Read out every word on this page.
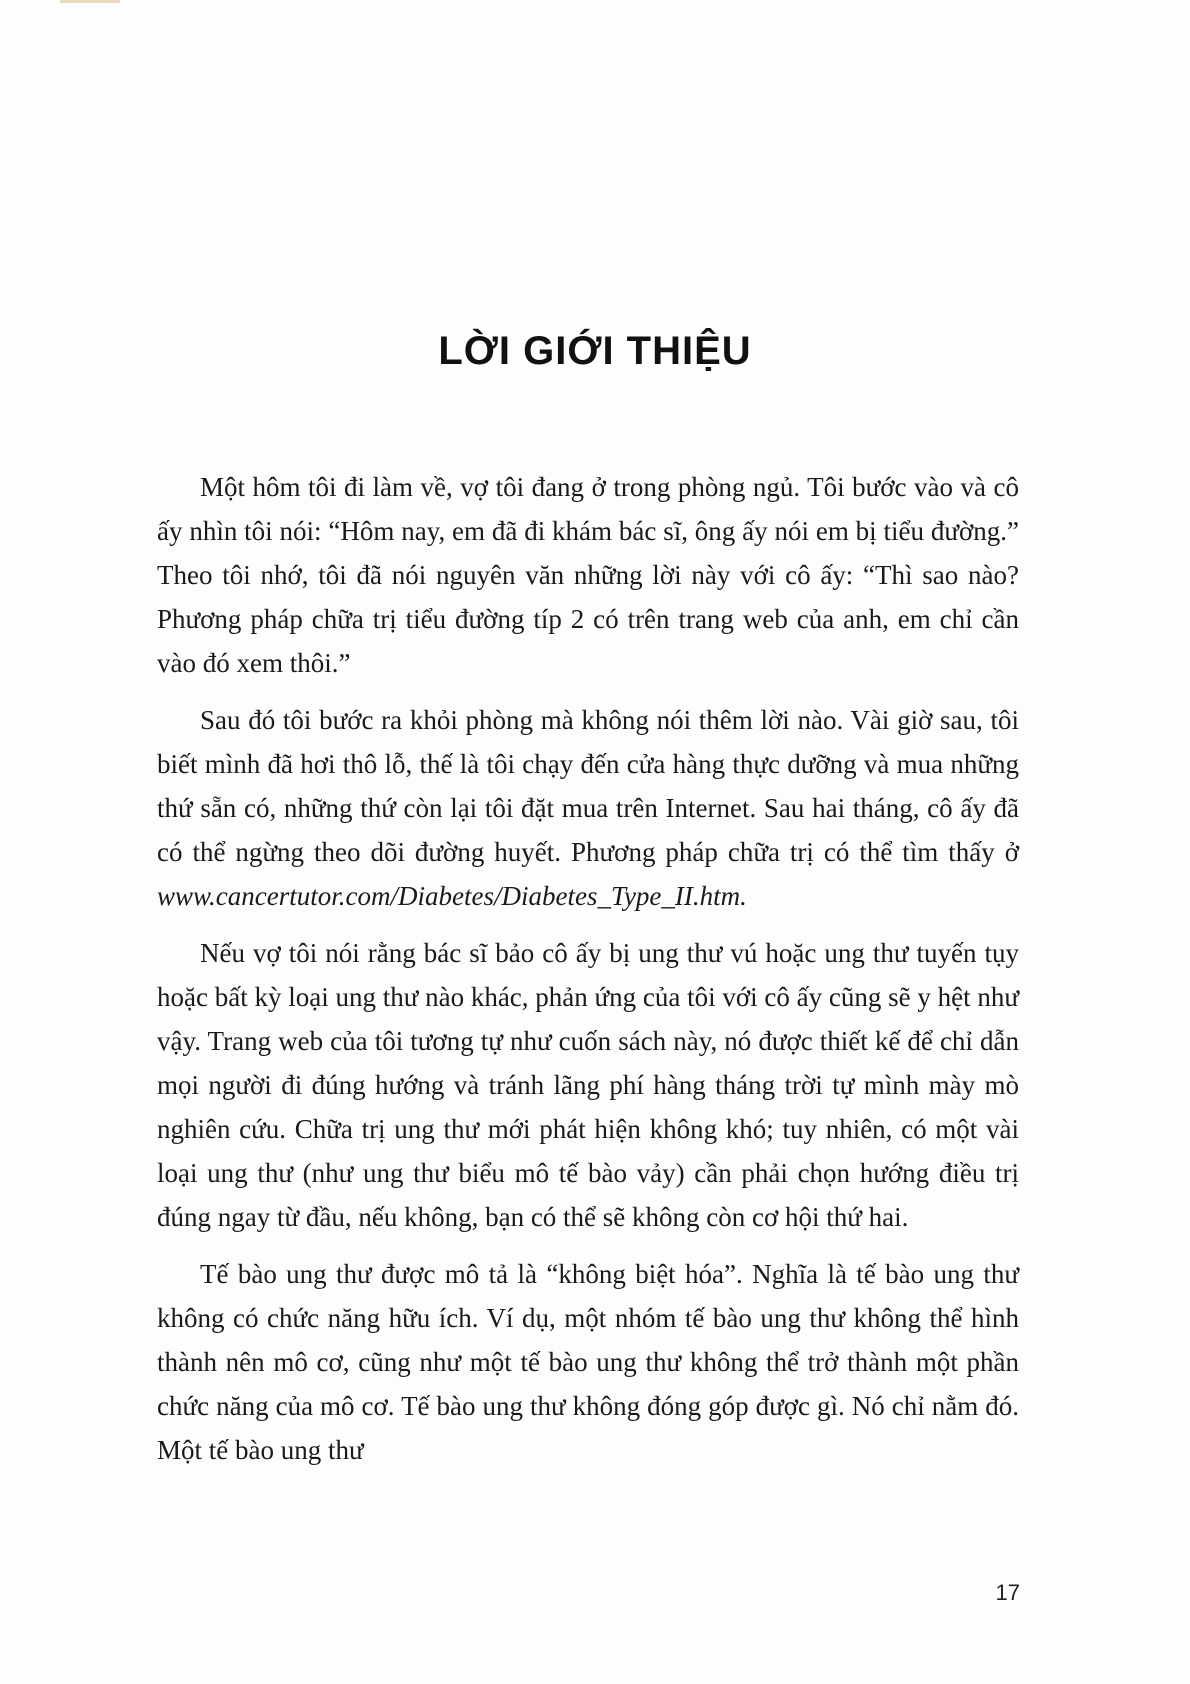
LỜI GIỚI THIỆU

Một hôm tôi đi làm về, vợ tôi đang ở trong phòng ngủ. Tôi bước vào và cô ấy nhìn tôi nói: “Hôm nay, em đã đi khám bác sĩ, ông ấy nói em bị tiểu đường.” Theo tôi nhớ, tôi đã nói nguyên văn những lời này với cô ấy: “Thì sao nào? Phương pháp chữa trị tiểu đường típ 2 có trên trang web của anh, em chỉ cần vào đó xem thôi.”

Sau đó tôi bước ra khỏi phòng mà không nói thêm lời nào. Vài giờ sau, tôi biết mình đã hơi thô lỗ, thế là tôi chạy đến cửa hàng thực dưỡng và mua những thứ sẵn có, những thứ còn lại tôi đặt mua trên Internet. Sau hai tháng, cô ấy đã có thể ngừng theo dõi đường huyết. Phương pháp chữa trị có thể tìm thấy ở www.cancertutor.com/Diabetes/Diabetes_Type_II.htm.

Nếu vợ tôi nói rằng bác sĩ bảo cô ấy bị ung thư vú hoặc ung thư tuyến tụy hoặc bất kỳ loại ung thư nào khác, phản ứng của tôi với cô ấy cũng sẽ y hệt như vậy. Trang web của tôi tương tự như cuốn sách này, nó được thiết kế để chỉ dẫn mọi người đi đúng hướng và tránh lãng phí hàng tháng trời tự mình mày mò nghiên cứu. Chữa trị ung thư mới phát hiện không khó; tuy nhiên, có một vài loại ung thư (như ung thư biểu mô tế bào vảy) cần phải chọn hướng điều trị đúng ngay từ đầu, nếu không, bạn có thể sẽ không còn cơ hội thứ hai.

Tế bào ung thư được mô tả là “không biệt hóa”. Nghĩa là tế bào ung thư không có chức năng hữu ích. Ví dụ, một nhóm tế bào ung thư không thể hình thành nên mô cơ, cũng như một tế bào ung thư không thể trở thành một phần chức năng của mô cơ. Tế bào ung thư không đóng góp được gì. Nó chỉ nằm đó. Một tế bào ung thư

17
